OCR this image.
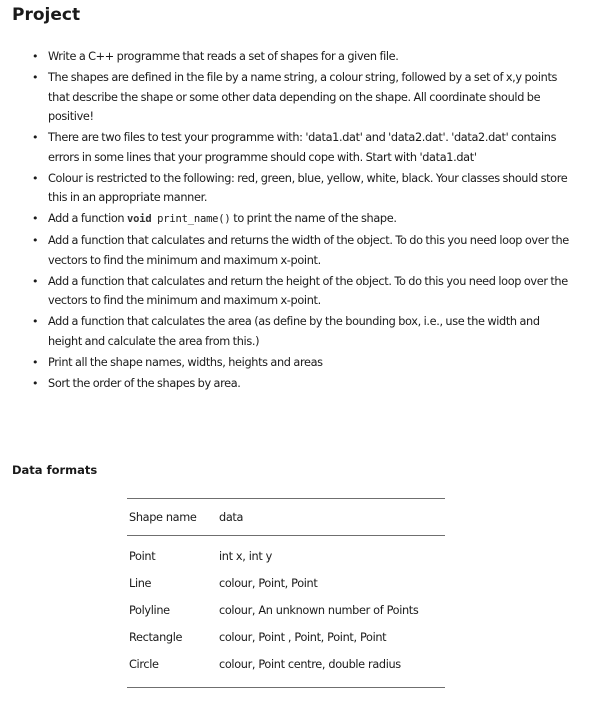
Project
• Write a C++ programme that reads a set of shapes for a given file.
• The shapes are defined in the file by a name string, a colour string, followed by a set of x,y points that describe the shape or some other data depending on the shape. All coordinate should be positive!
• There are two files to test your programme with: 'data1.dat' and 'data2.dat'. 'data2.dat' contains errors in some lines that your programme should cope with. Start with 'data1.dat'
• Colour is restricted to the following: red, green, blue, yellow, white, black. Your classes should store this in an appropriate manner.
• Add a function void print_name() to print the name of the shape.
• Add a function that calculates and returns the width of the object. To do this you need loop over the vectors to find the minimum and maximum x-point.
• Add a function that calculates and return the height of the object. To do this you need loop over the vectors to find the minimum and maximum x-point.
• Add a function that calculates the area (as define by the bounding box, i.e., use the width and height and calculate the area from this.)
• Print all the shape names, widths, heights and areas
• Sort the order of the shapes by area.
Data formats
Shape name	data
Point	int x, int y
Line	colour, Point, Point
Polyline	colour, An unknown number of Points
Rectangle	colour, Point , Point, Point, Point
Circle	colour, Point centre, double radius
